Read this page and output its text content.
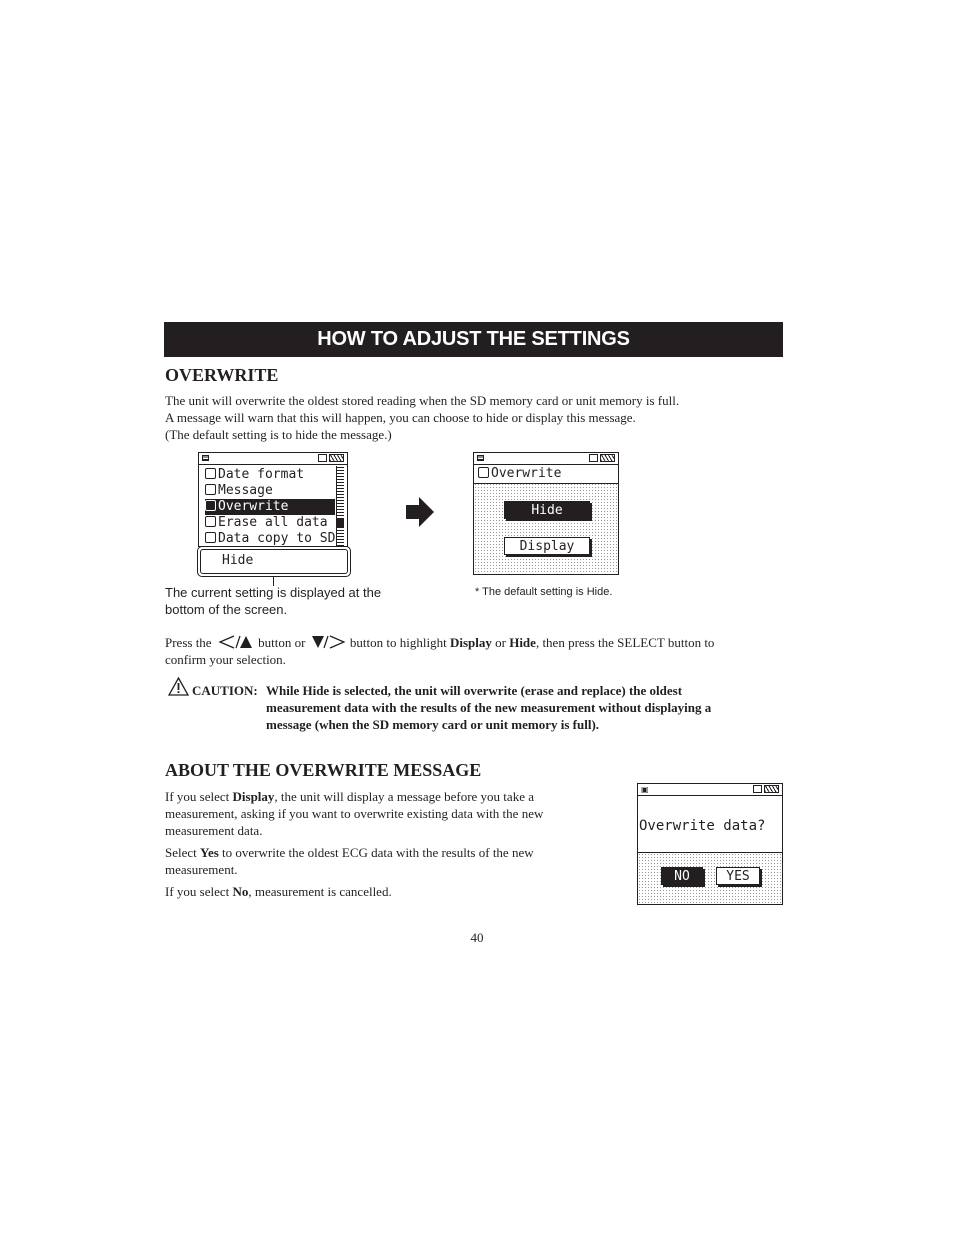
HOW TO ADJUST THE SETTINGS
OVERWRITE
The unit will overwrite the oldest stored reading when the SD memory card or unit memory is full.
A message will warn that this will happen, you can choose to hide or display this message.
(The default setting is to hide the message.)
Date format
Message
Overwrite
Erase all data
Data copy to SD
Hide
The current setting is displayed at the
bottom of the screen.
Overwrite
Hide
Display
* The default setting is Hide.
Press the	button or	button to highlight Display or Hide, then press the SELECT button to
confirm your selection.
CAUTION: While Hide is selected, the unit will overwrite (erase and replace) the oldest
measurement data with the results of the new measurement without displaying a
message (when the SD memory card or unit memory is full).
ABOUT THE OVERWRITE MESSAGE
If you select Display, the unit will display a message before you take a
measurement, asking if you want to overwrite existing data with the new
measurement data.
Select Yes to overwrite the oldest ECG data with the results of the new
measurement.
If you select No, measurement is cancelled.
▣
Overwrite data?
NO	YES
40
